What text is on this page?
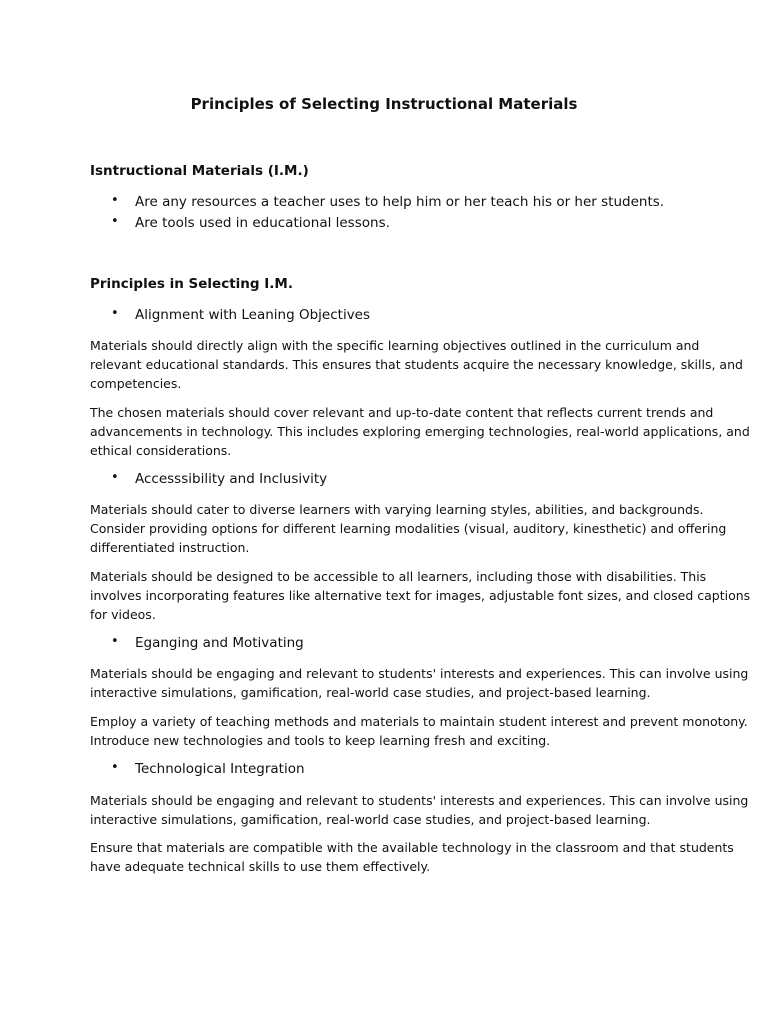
Principles of Selecting Instructional Materials
Isntructional Materials (I.M.)
• Are any resources a teacher uses to help him or her teach his or her students.
• Are tools used in educational lessons.
Principles in Selecting I.M.
• Alignment with Leaning Objectives
Materials should directly align with the specific learning objectives outlined in the curriculum and
relevant educational standards. This ensures that students acquire the necessary knowledge, skills, and
competencies.
The chosen materials should cover relevant and up-to-date content that reflects current trends and
advancements in technology. This includes exploring emerging technologies, real-world applications, and
ethical considerations.
• Accesssibility and Inclusivity
Materials should cater to diverse learners with varying learning styles, abilities, and backgrounds.
Consider providing options for different learning modalities (visual, auditory, kinesthetic) and offering
differentiated instruction.
Materials should be designed to be accessible to all learners, including those with disabilities. This
involves incorporating features like alternative text for images, adjustable font sizes, and closed captions
for videos.
• Eganging and Motivating
Materials should be engaging and relevant to students' interests and experiences. This can involve using
interactive simulations, gamification, real-world case studies, and project-based learning.
Employ a variety of teaching methods and materials to maintain student interest and prevent monotony.
Introduce new technologies and tools to keep learning fresh and exciting.
• Technological Integration
Materials should be engaging and relevant to students' interests and experiences. This can involve using
interactive simulations, gamification, real-world case studies, and project-based learning.
Ensure that materials are compatible with the available technology in the classroom and that students
have adequate technical skills to use them effectively.
